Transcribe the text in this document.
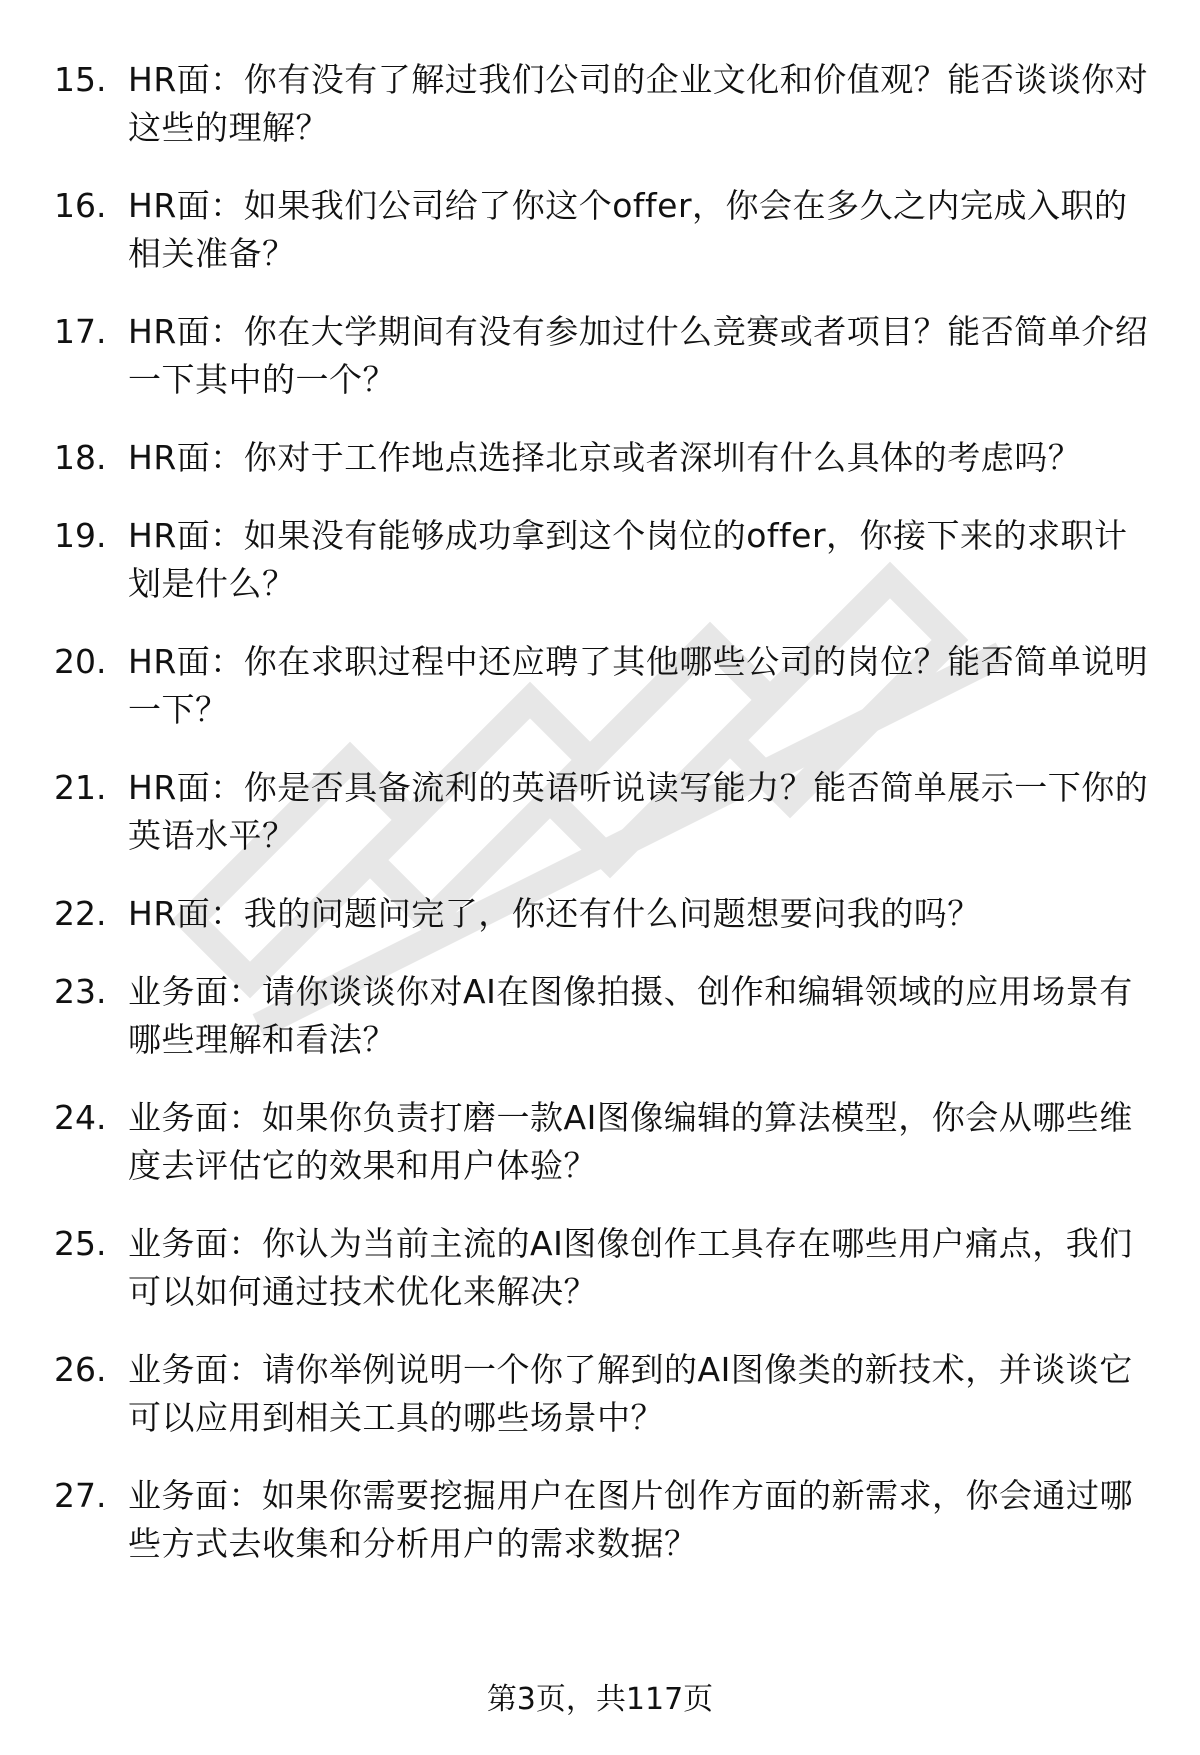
15. HR面：你有没有了解过我们公司的企业文化和价值观？能否谈谈你对这些的理解？
16. HR面：如果我们公司给了你这个offer，你会在多久之内完成入职的相关准备？
17. HR面：你在大学期间有没有参加过什么竞赛或者项目？能否简单介绍一下其中的一个？
18. HR面：你对于工作地点选择北京或者深圳有什么具体的考虑吗？
19. HR面：如果没有能够成功拿到这个岗位的offer，你接下来的求职计划是什么？
20. HR面：你在求职过程中还应聘了其他哪些公司的岗位？能否简单说明一下？
21. HR面：你是否具备流利的英语听说读写能力？能否简单展示一下你的英语水平？
22. HR面：我的问题问完了，你还有什么问题想要问我的吗？
23. 业务面：请你谈谈你对AI在图像拍摄、创作和编辑领域的应用场景有哪些理解和看法？
24. 业务面：如果你负责打磨一款AI图像编辑的算法模型，你会从哪些维度去评估它的效果和用户体验？
25. 业务面：你认为当前主流的AI图像创作工具存在哪些用户痛点，我们可以如何通过技术优化来解决？
26. 业务面：请你举例说明一个你了解到的AI图像类的新技术，并谈谈它可以应用到相关工具的哪些场景中？
27. 业务面：如果你需要挖掘用户在图片创作方面的新需求，你会通过哪些方式去收集和分析用户的需求数据？
第3页，共117页
